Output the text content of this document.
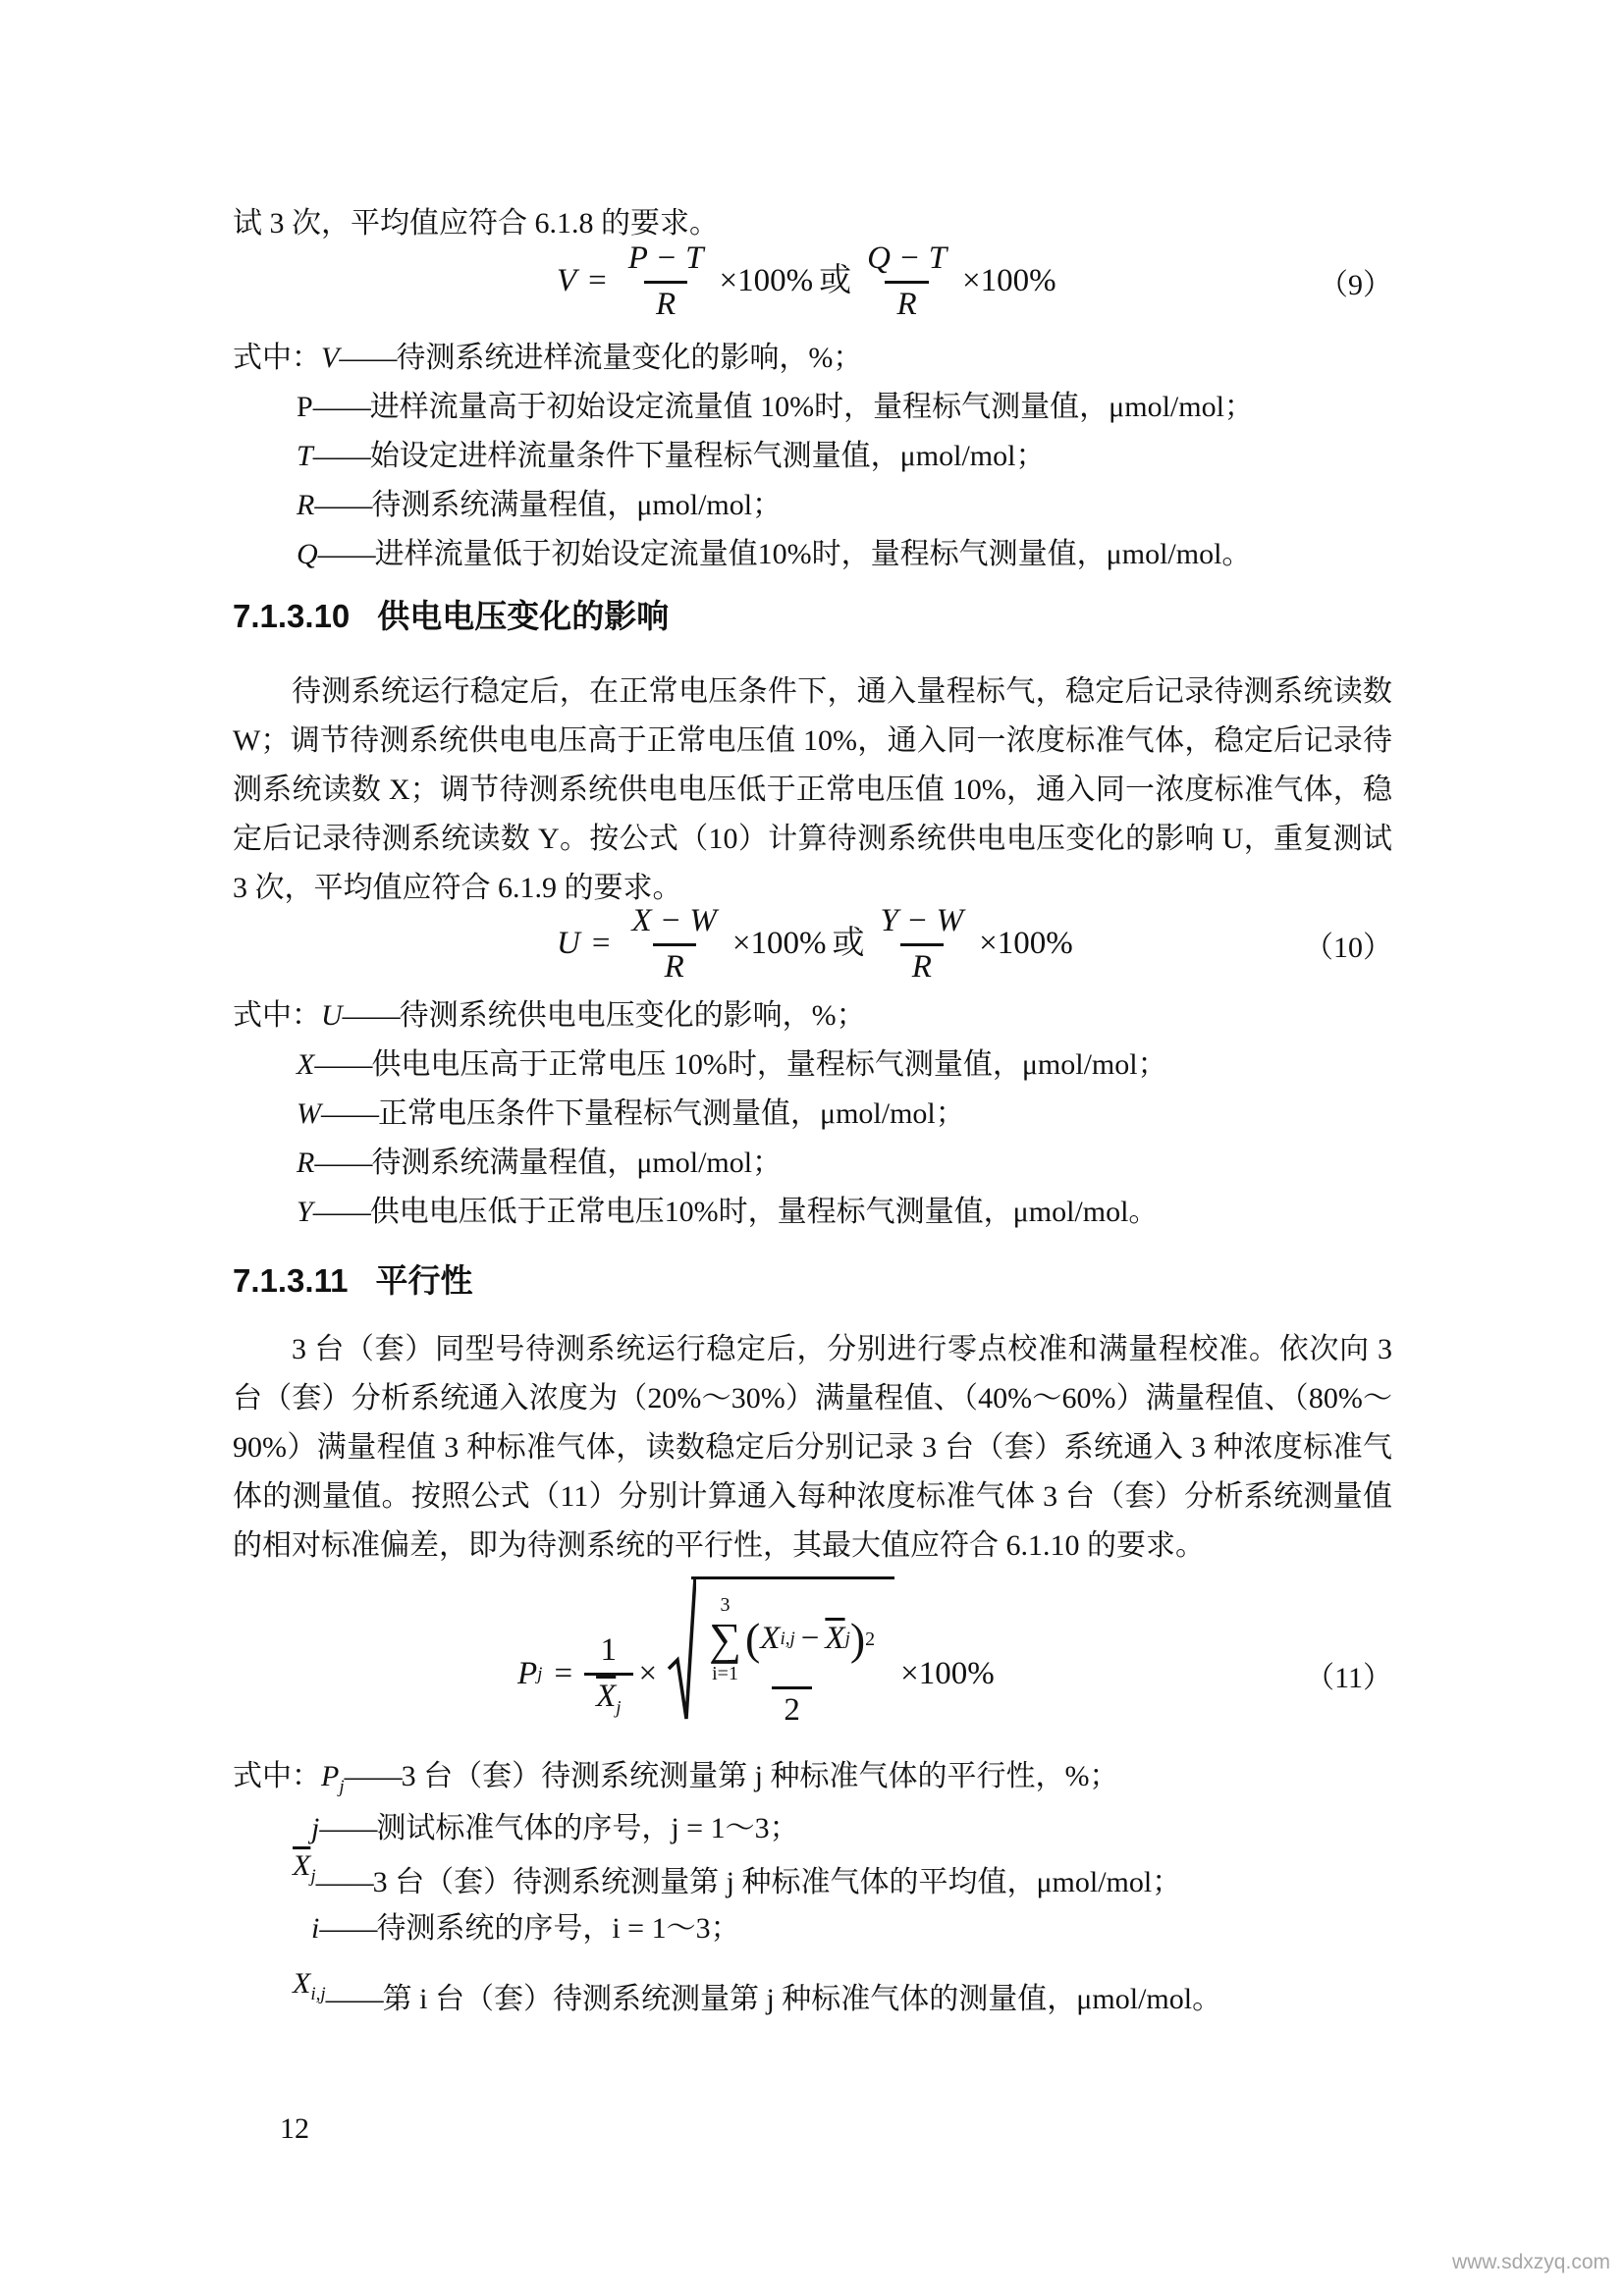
试 3 次，平均值应符合 6.1.8 的要求。
$V = \frac{P - T}{R} \times 100\%$ 或 $\frac{Q - T}{R} \times 100\%$	（9）
式中：V——待测系统进样流量变化的影响，%；
P——进样流量高于初始设定流量值 10%时，量程标气测量值，μmol/mol；
T——始设定进样流量条件下量程标气测量值，μmol/mol；
R——待测系统满量程值，μmol/mol；
Q——进样流量低于初始设定流量值10%时，量程标气测量值，μmol/mol。
7.1.3.10 供电电压变化的影响
待测系统运行稳定后，在正常电压条件下，通入量程标气，稳定后记录待测系统读数 W；调节待测系统供电电压高于正常电压值 10%，通入同一浓度标准气体，稳定后记录待测系统读数 X；调节待测系统供电电压低于正常电压值 10%，通入同一浓度标准气体，稳定后记录待测系统读数 Y。按公式（10）计算待测系统供电电压变化的影响 U，重复测试 3 次，平均值应符合 6.1.9 的要求。
$U = \frac{X - W}{R} \times 100\%$ 或 $\frac{Y - W}{R} \times 100\%$	（10）
式中：U——待测系统供电电压变化的影响，%；
X——供电电压高于正常电压 10%时，量程标气测量值，μmol/mol；
W——正常电压条件下量程标气测量值，μmol/mol；
R——待测系统满量程值，μmol/mol；
Y——供电电压低于正常电压10%时，量程标气测量值，μmol/mol。
7.1.3.11 平行性
3 台（套）同型号待测系统运行稳定后，分别进行零点校准和满量程校准。依次向 3 台（套）分析系统通入浓度为（20%～30%）满量程值、（40%～60%）满量程值、（80%～90%）满量程值 3 种标准气体，读数稳定后分别记录 3 台（套）系统通入 3 种浓度标准气体的测量值。按照公式（11）分别计算通入每种浓度标准气体 3 台（套）分析系统测量值的相对标准偏差，即为待测系统的平行性，其最大值应符合 6.1.10 的要求。
P $j = \frac{1}{\overline{X}_j}$ ×
3
∑
i=1
( X $i,j - \overline{X}$ j ) 2
2
×100%	（11）
式中：$P_j——3$ 台（套）待测系统测量第 j 种标准气体的平行性，%；
j——测试标准气体的序号，j = 1～3；
$\overline{X}_j——3$ 台（套）待测系统测量第 j 种标准气体的平均值，μmol/mol；
i——待测系统的序号，i = 1～3；
$X_{i,j}——$第 i 台（套）待测系统测量第 j 种标准气体的测量值，μmol/mol。
12
www.sdxzyq.com
